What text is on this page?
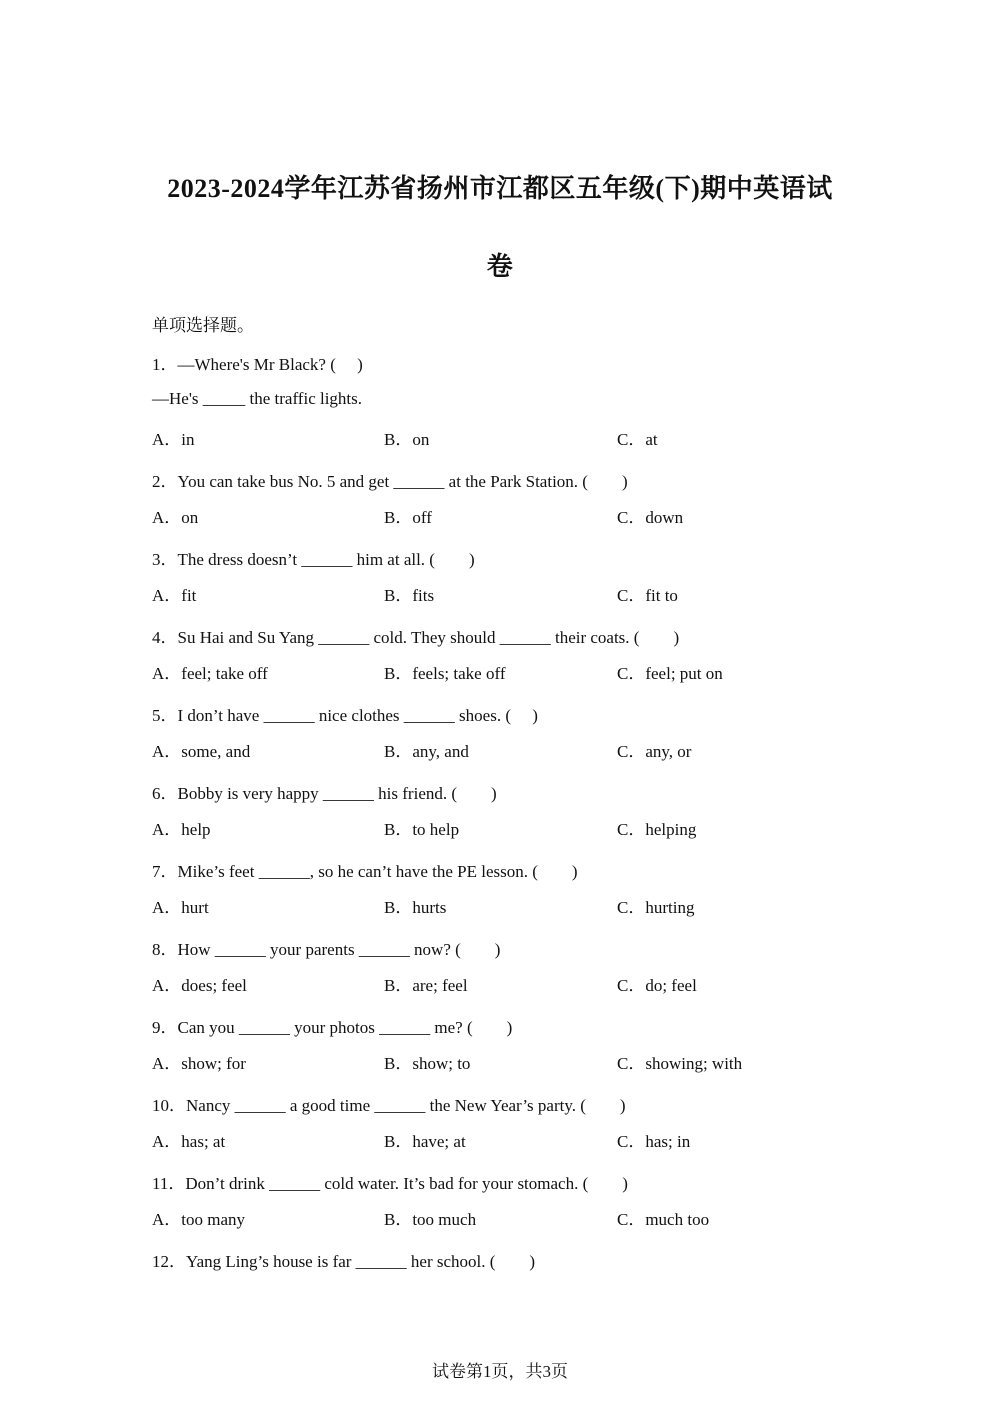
2023-2024学年江苏省扬州市江都区五年级(下)期中英语试
卷
单项选择题。
1．—Where's Mr Black? (     )
—He's _____ the traffic lights.
A．in	B．on	C．at
2．You can take bus No. 5 and get ______ at the Park Station. (        )
A．on	B．off	C．down
3．The dress doesn’t ______ him at all. (        )
A．fit	B．fits	C．fit to
4．Su Hai and Su Yang ______ cold. They should ______ their coats. (        )
A．feel; take off	B．feels; take off	C．feel; put on
5．I don’t have ______ nice clothes ______ shoes. (     )
A．some, and	B．any, and	C．any, or
6．Bobby is very happy ______ his friend. (        )
A．help	B．to help	C．helping
7．Mike’s feet ______, so he can’t have the PE lesson. (        )
A．hurt	B．hurts	C．hurting
8．How ______ your parents ______ now? (        )
A．does; feel	B．are; feel	C．do; feel
9．Can you ______ your photos ______ me? (        )
A．show; for	B．show; to	C．showing; with
10．Nancy ______ a good time ______ the New Year’s party. (        )
A．has; at	B．have; at	C．has; in
11．Don’t drink ______ cold water. It’s bad for your stomach. (        )
A．too many	B．too much	C．much too
12．Yang Ling’s house is far ______ her school. (        )
试卷第1页，共3页
